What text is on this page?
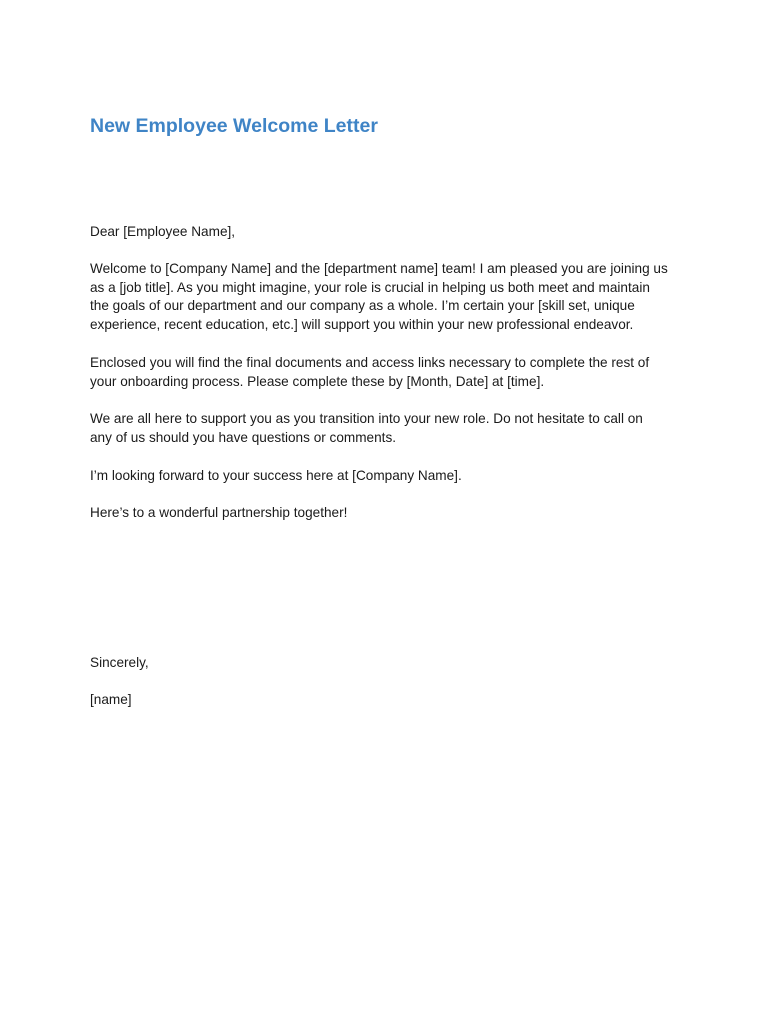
New Employee Welcome Letter

Dear [Employee Name],

Welcome to [Company Name] and the [department name] team! I am pleased you are joining us
as a [job title]. As you might imagine, your role is crucial in helping us both meet and maintain
the goals of our department and our company as a whole. I’m certain your [skill set, unique
experience, recent education, etc.] will support you within your new professional endeavor.

Enclosed you will find the final documents and access links necessary to complete the rest of
your onboarding process. Please complete these by [Month, Date] at [time].

We are all here to support you as you transition into your new role. Do not hesitate to call on
any of us should you have questions or comments.

I’m looking forward to your success here at [Company Name].

Here’s to a wonderful partnership together!

Sincerely,

[name]
